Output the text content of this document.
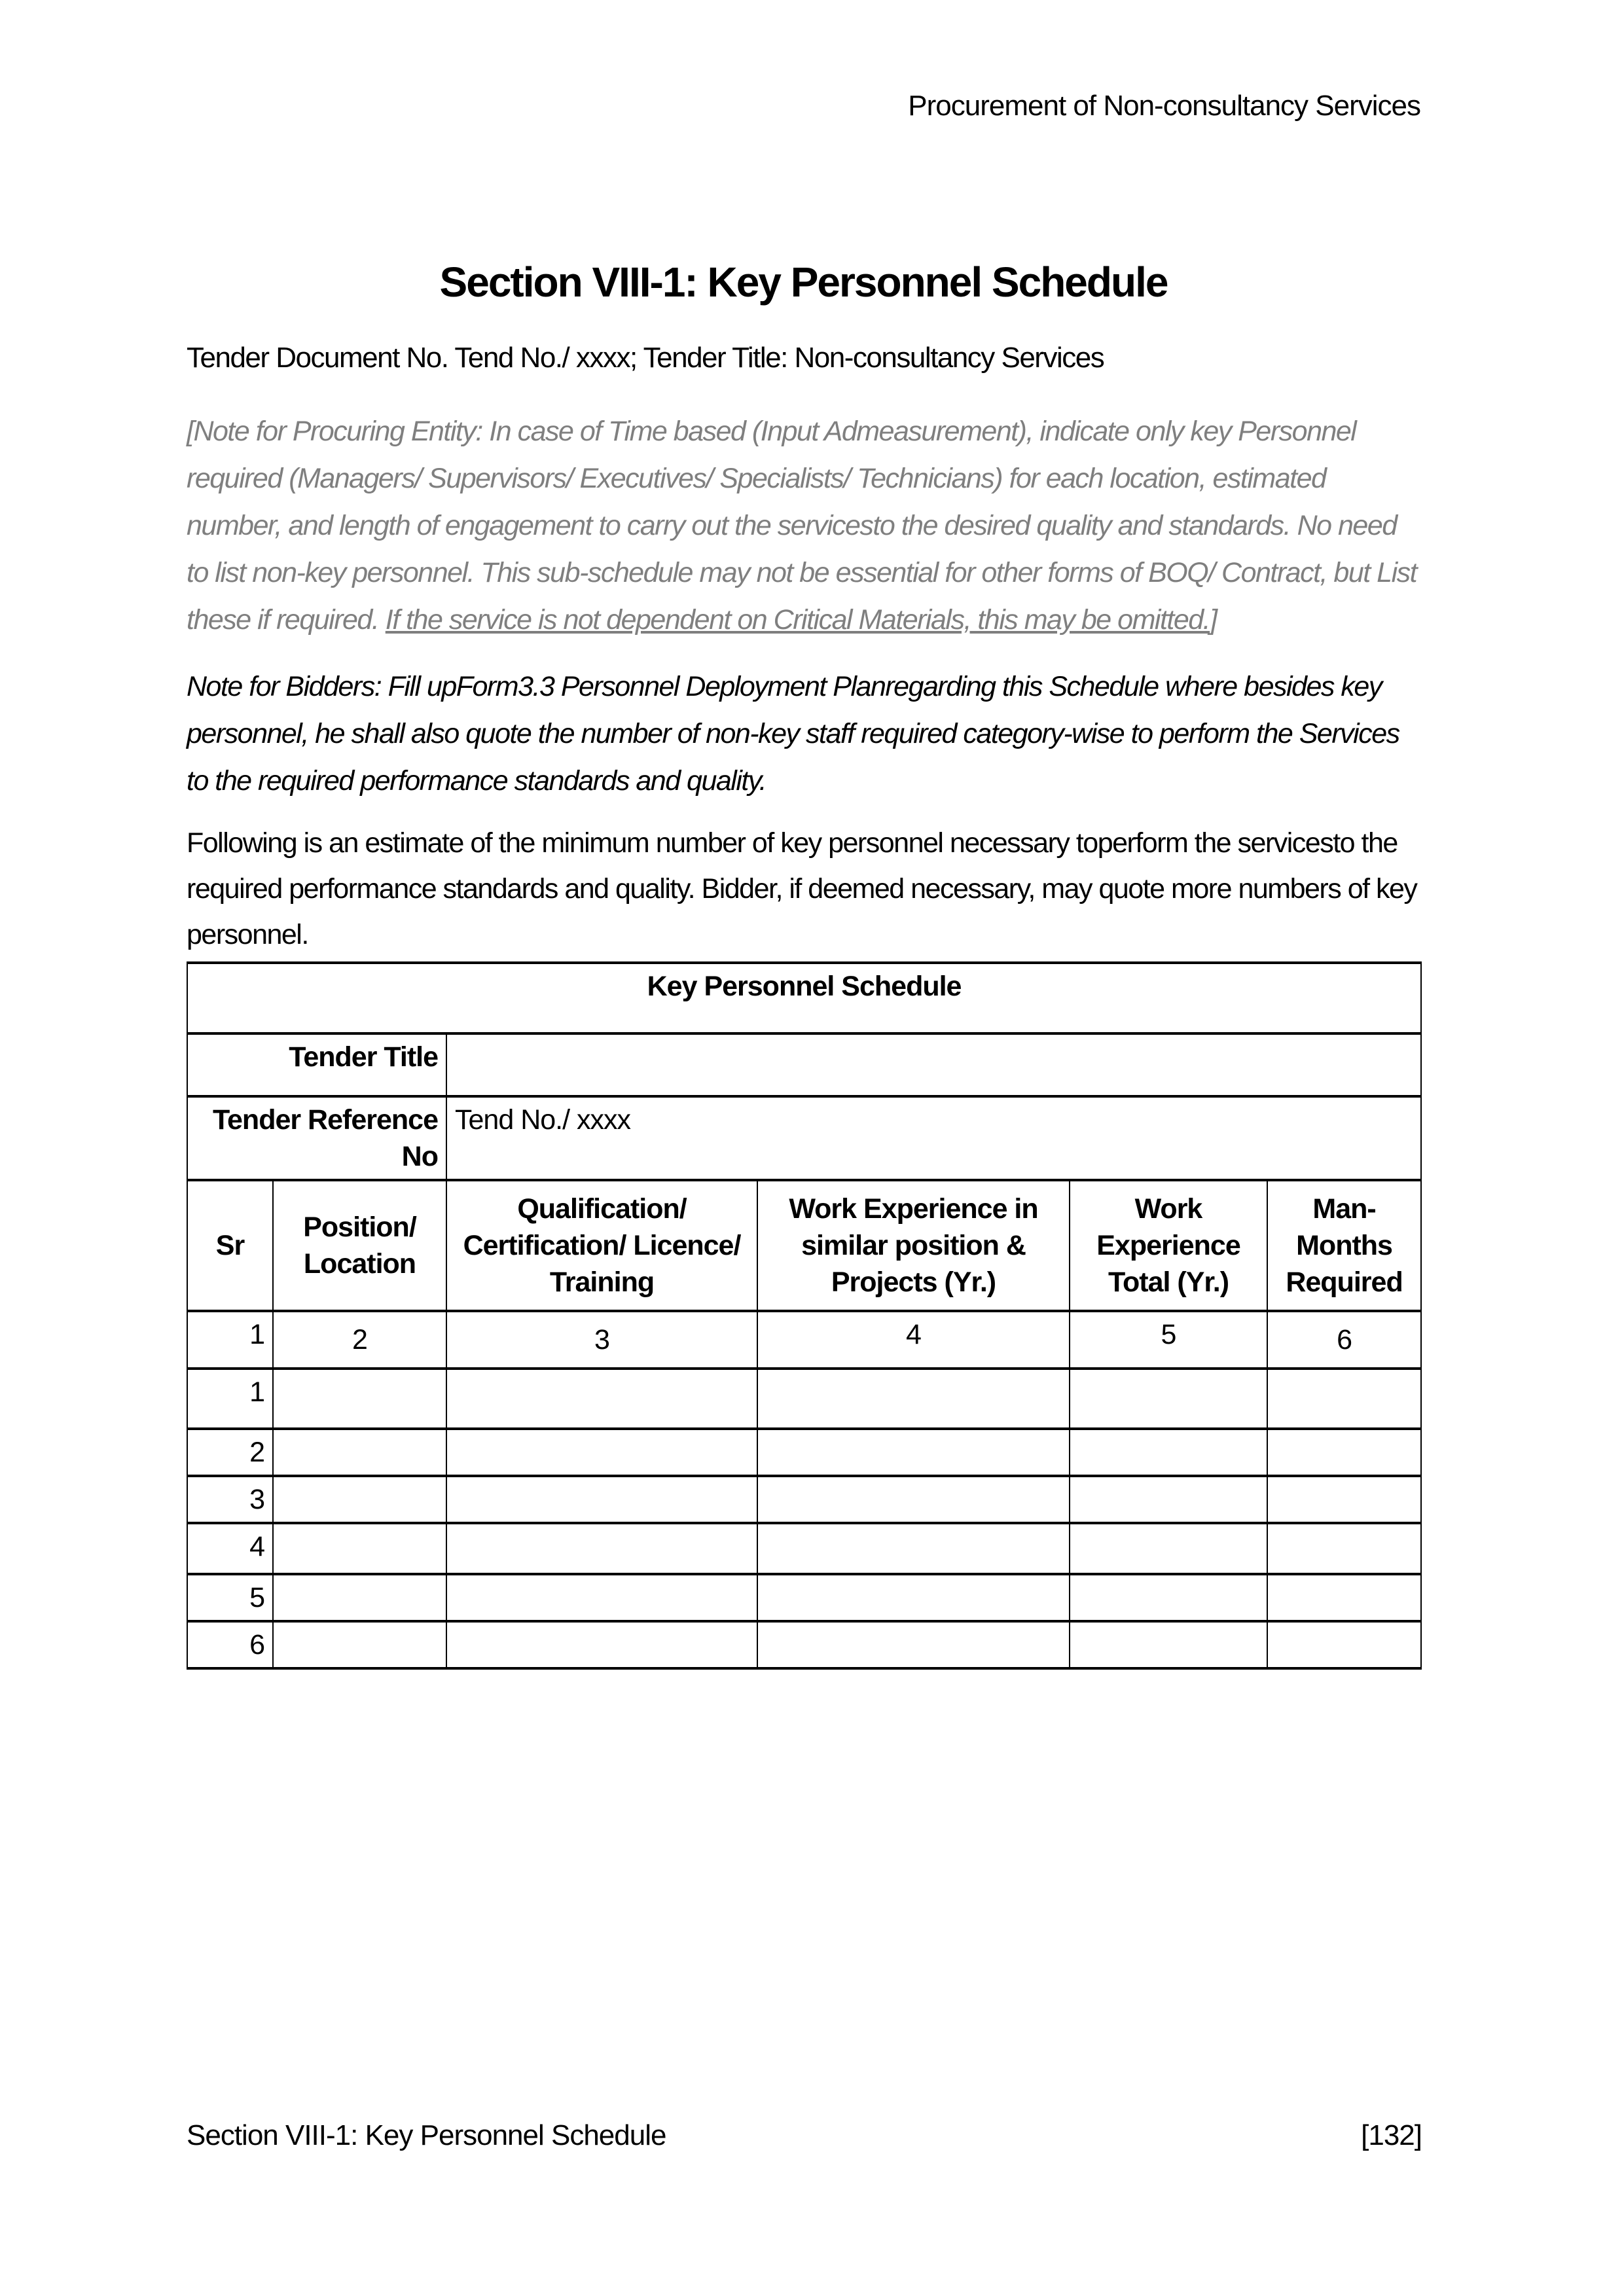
Procurement of Non-consultancy Services
Section VIII-1: Key Personnel Schedule

Tender Document No. Tend No./ xxxx; Tender Title: Non-consultancy Services

[Note for Procuring Entity: In case of Time based (Input Admeasurement), indicate only key Personnel required (Managers/ Supervisors/ Executives/ Specialists/ Technicians) for each location, estimated number, and length of engagement to carry out the servicesto the desired quality and standards. No need to list non-key personnel. This sub-schedule may not be essential for other forms of BOQ/ Contract, but List these if required. If the service is not dependent on Critical Materials, this may be omitted.]

Note for Bidders: Fill upForm3.3 Personnel Deployment Planregarding this Schedule where besides key personnel, he shall also quote the number of non-key staff required category-wise to perform the Services to the required performance standards and quality.

Following is an estimate of the minimum number of key personnel necessary toperform the servicesto the required performance standards and quality. Bidder, if deemed necessary, may quote more numbers of key personnel.

Key Personnel Schedule					
Tender Title					
Tender Reference No		Tend No./ xxxx			
Sr	Position/ Location	Qualification/ Certification/ Licence/ Training	Work Experience in similar position & Projects (Yr.)	Work Experience Total (Yr.)	Man-Months Required
1	2	3	4	5	6
1					
2					
3					
4					
5					
6					
Section VIII-1: Key Personnel Schedule	[132]
